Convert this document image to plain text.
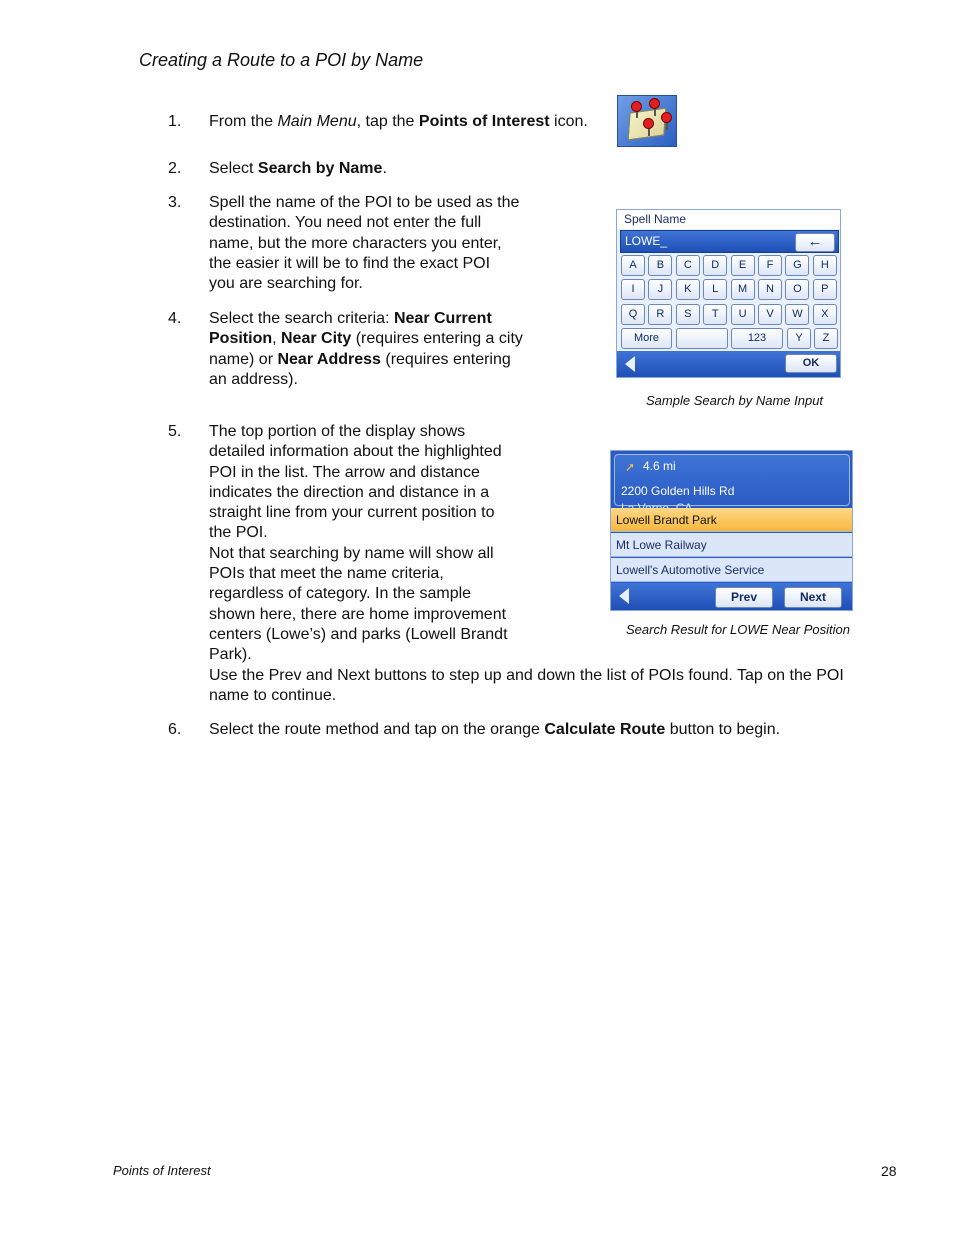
Creating a Route to a POI by Name
1.	From the Main Menu, tap the Points of Interest icon.
2.	Select Search by Name.
3.	Spell the name of the POI to be used as the
destination. You need not enter the full
name, but the more characters you enter,
the easier it will be to find the exact POI
you are searching for.
4.	Select the search criteria: Near Current
Position, Near City (requires entering a city
name) or Near Address (requires entering
an address).
Spell Name
LOWE_	←
A	B	C	D	E	F	G	H
I	J	K	L	M	N	O	P
Q	R	S	T	U	V	W	X
More	123	Y	Z
OK
Sample Search by Name Input
5.	The top portion of the display shows
detailed information about the highlighted
POI in the list. The arrow and distance
indicates the direction and distance in a
straight line from your current position to
the POI.
Not that searching by name will show all
POIs that meet the name criteria,
regardless of category. In the sample
shown here, there are home improvement
centers (Lowe’s) and parks (Lowell Brandt
Park).
Use the Prev and Next buttons to step up and down the list of POIs found. Tap on the POI
name to continue.
➚ 4.6 mi
2200 Golden Hills Rd
Lowell Brandt Park
Mt Lowe Railway
Lowell's Automotive Service
Prev	Next
Search Result for LOWE Near Position
6.	Select the route method and tap on the orange Calculate Route button to begin.
Points of Interest	28
